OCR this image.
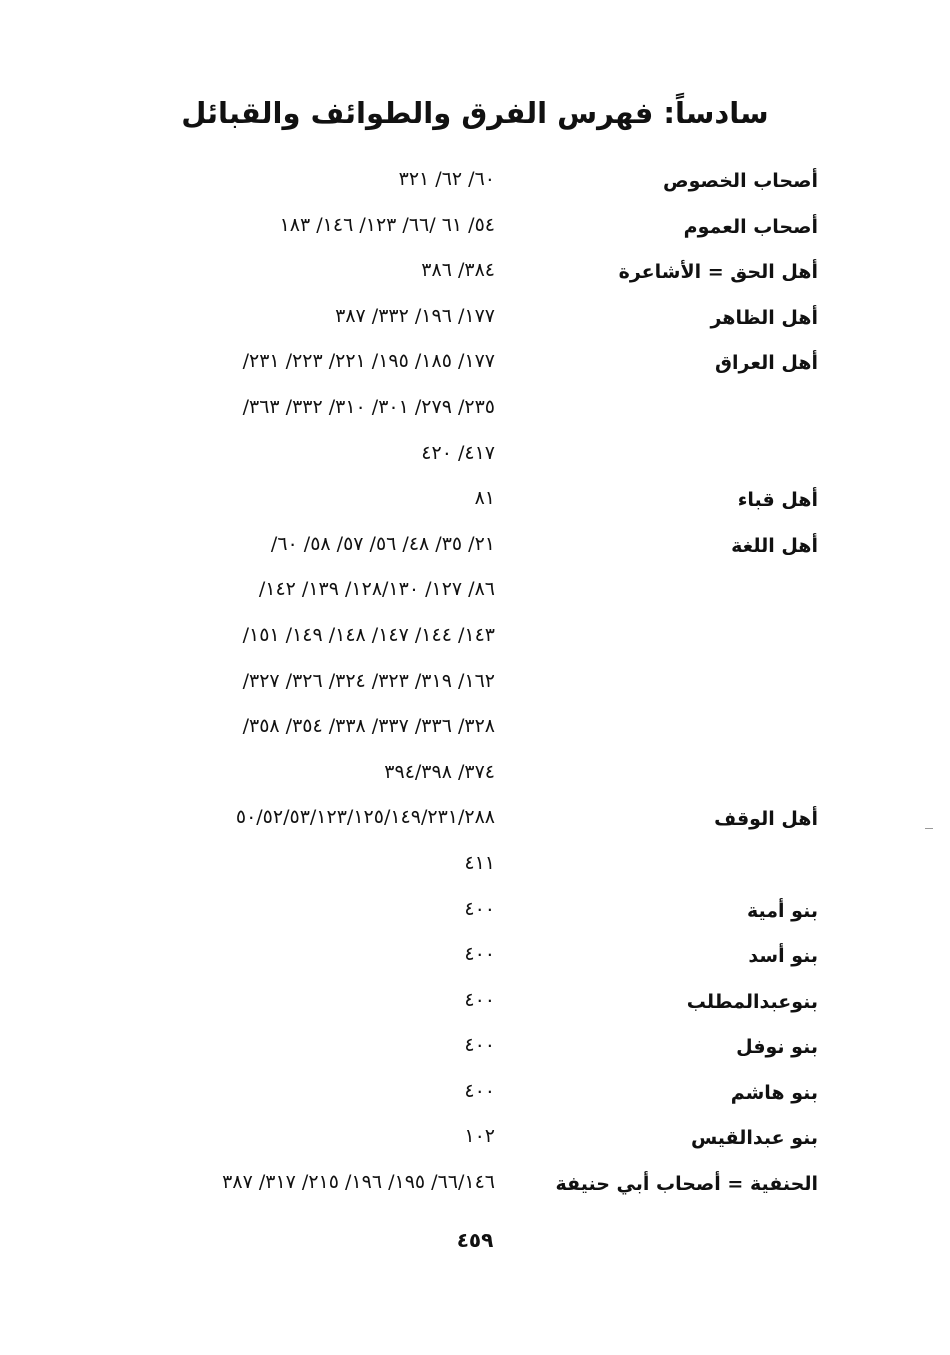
سادساً: فهرس الفرق والطوائف والقبائل
أصحاب الخصوص
٦٠/ ٦٢/ ٣٢١
أصحاب العموم
٥٤/ ٦١ /٦٦/ ١٢٣/ ١٤٦/ ١٨٣
أهل الحق = الأشاعرة
٣٨٤/ ٣٨٦
أهل الظاهر
١٧٧/ ١٩٦/ ٣٣٢/ ٣٨٧
أهل العراق
١٧٧/ ١٨٥/ ١٩٥/ ٢٢١/ ٢٢٣/ ٢٣١/
٢٣٥/ ٢٧٩/ ٣٠١/ ٣١٠/ ٣٣٢/ ٣٦٣/
٤١٧/ ٤٢٠
أهل قباء
٨١
أهل اللغة
٢١/ ٣٥/ ٤٨/ ٥٦/ ٥٧/ ٥٨/ ٦٠/
٨٦/ ١٢٧/ ١٢٨/١٣٠/ ١٣٩/ ١٤٢/
١٤٣/ ١٤٤/ ١٤٧/ ١٤٨/ ١٤٩/ ١٥١/
١٦٢/ ٣١٩/ ٣٢٣/ ٣٢٤/ ٣٢٦/ ٣٢٧/
٣٢٨/ ٣٣٦/ ٣٣٧/ ٣٣٨/ ٣٥٤/ ٣٥٨/
٣٧٤/ ٣٩٤/٣٩٨
أهل الوقف
٥٠/٥٢/٥٣/١٢٣/١٢٥/١٤٩/٢٣١/٢٨٨
٤١١
بنو أمية
٤٠٠
بنو أسد
٤٠٠
بنوعبدالمطلب
٤٠٠
بنو نوفل
٤٠٠
بنو هاشم
٤٠٠
بنو عبدالقيس
١٠٢
الحنفية = أصحاب أبي حنيفة
٦٦/١٤٦/ ١٩٥/ ١٩٦/ ٢١٥/ ٣١٧/ ٣٨٧
٤٥٩
